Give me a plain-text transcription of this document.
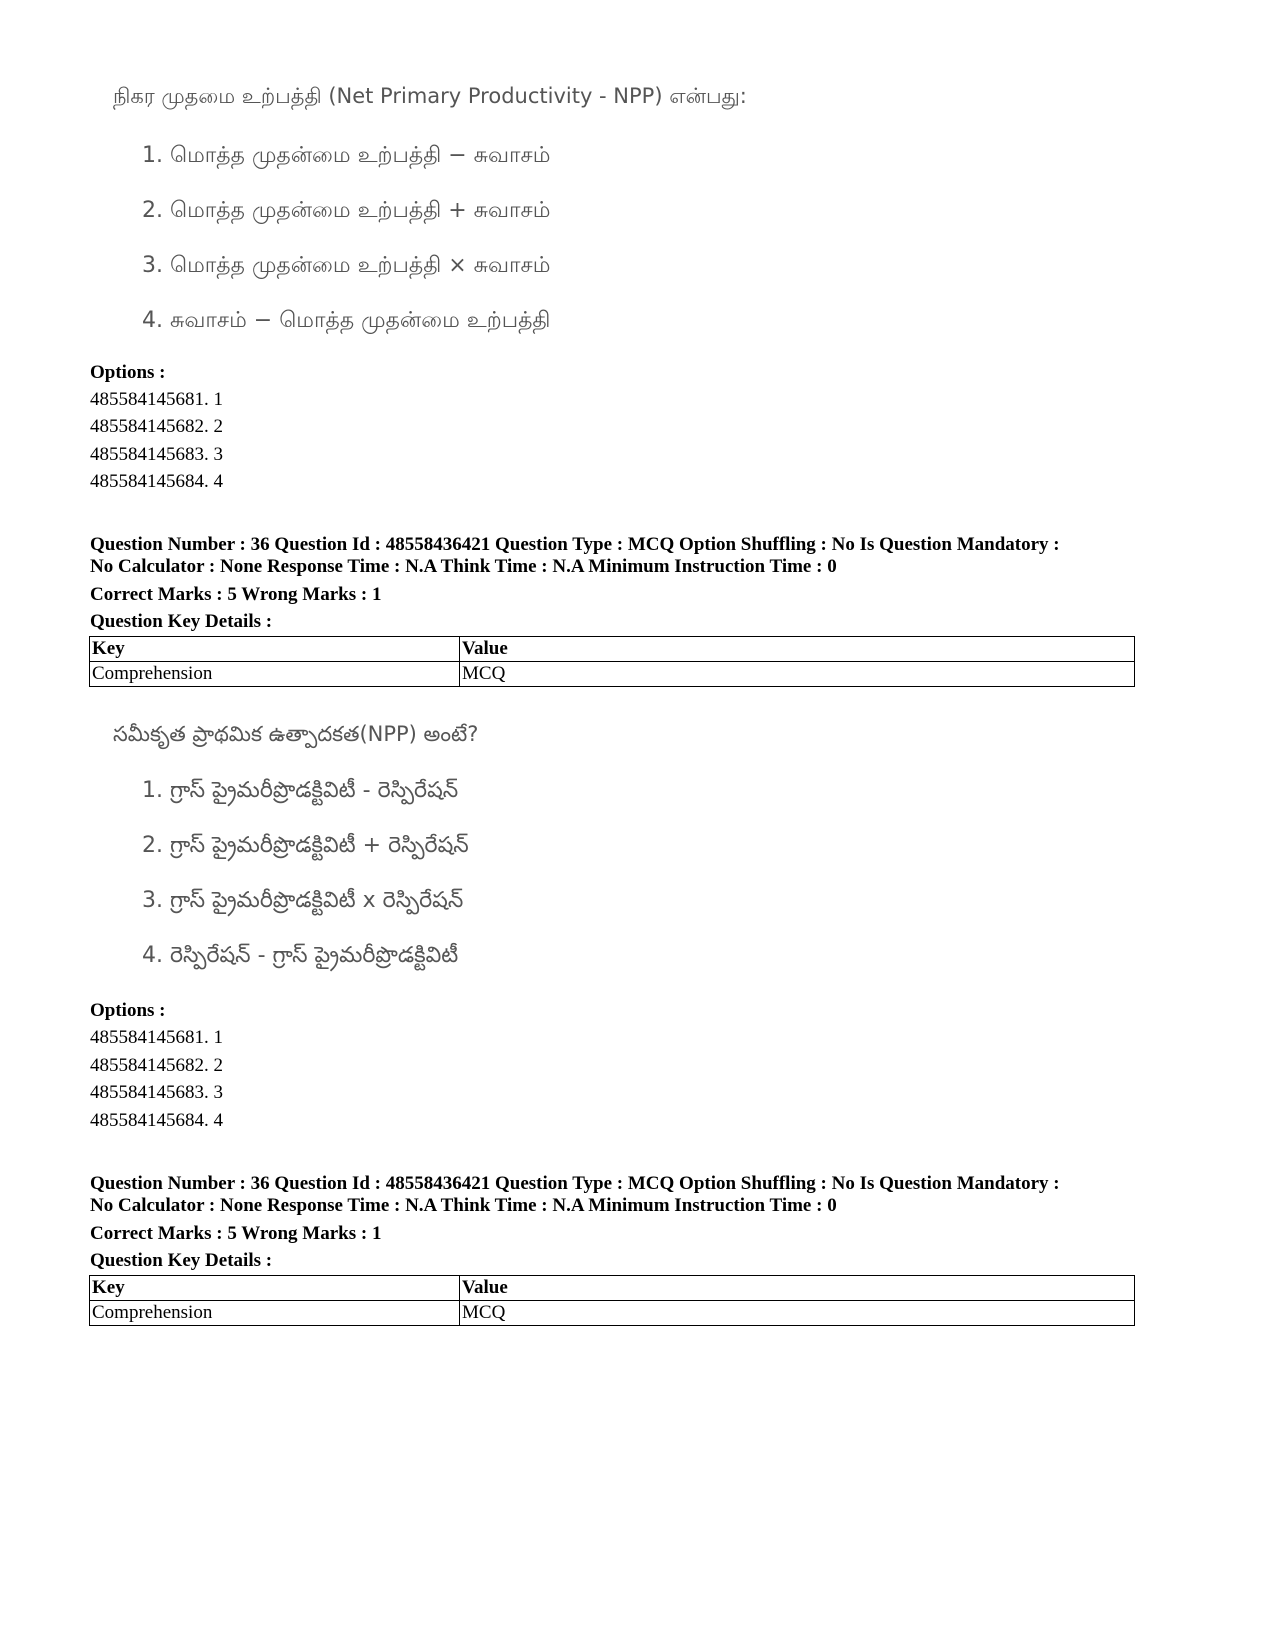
நிகர முதமை உற்பத்தி (Net Primary Productivity - NPP) என்பது:
1. மொத்த முதன்மை உற்பத்தி − சுவாசம்
2. மொத்த முதன்மை உற்பத்தி + சுவாசம்
3. மொத்த முதன்மை உற்பத்தி × சுவாசம்
4. சுவாசம் − மொத்த முதன்மை உற்பத்தி
Options :
485584145681. 1
485584145682. 2
485584145683. 3
485584145684. 4
Question Number : 36 Question Id : 48558436421 Question Type : MCQ Option Shuffling : No Is Question Mandatory :
No Calculator : None Response Time : N.A Think Time : N.A Minimum Instruction Time : 0
Correct Marks : 5 Wrong Marks : 1
Question Key Details :
Key	Value
Comprehension	MCQ
సమీకృత ప్రాథమిక ఉత్పాదకత(NPP) అంటే?
1. గ్రాస్ ప్రైమరీప్రొడక్టివిటీ - రెస్పిరేషన్
2. గ్రాస్ ప్రైమరీప్రొడక్టివిటీ + రెస్పిరేషన్
3. గ్రాస్ ప్రైమరీప్రొడక్టివిటీ x రెస్పిరేషన్
4. రెస్పిరేషన్ - గ్రాస్ ప్రైమరీప్రొడక్టివిటీ
Options :
485584145681. 1
485584145682. 2
485584145683. 3
485584145684. 4
Question Number : 36 Question Id : 48558436421 Question Type : MCQ Option Shuffling : No Is Question Mandatory :
No Calculator : None Response Time : N.A Think Time : N.A Minimum Instruction Time : 0
Correct Marks : 5 Wrong Marks : 1
Question Key Details :
Key	Value
Comprehension	MCQ
